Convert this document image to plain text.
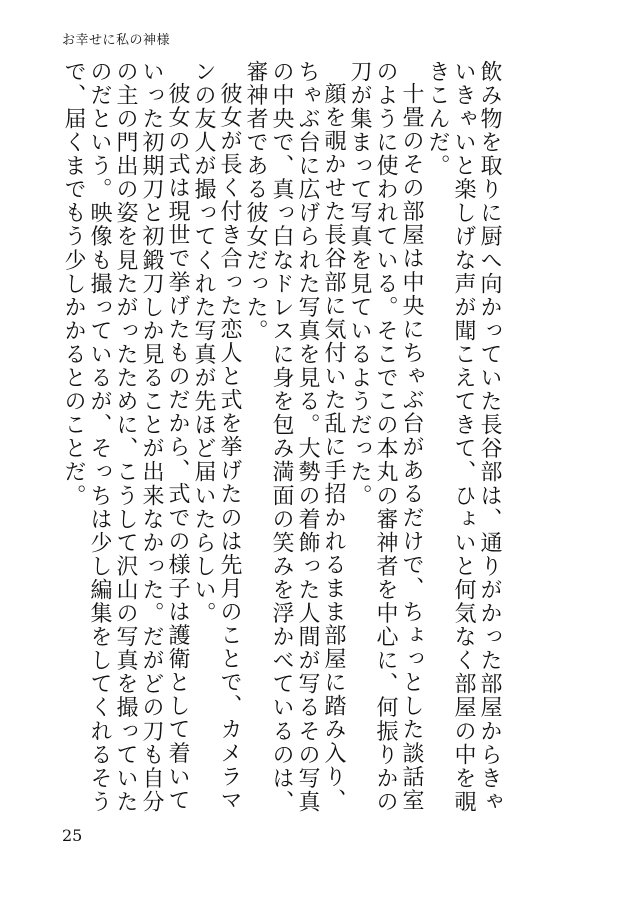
お幸せに私の神様

飲み物を取りに厨へ向かっていた長谷部は、通りがかった部屋からきゃいきゃいと楽しげな声が聞こえてきて、ひょいと何気なく部屋の中を覗きこんだ。

十畳のその部屋は中央にちゃぶ台があるだけで、ちょっとした談話室のように使われている。そこでこの本丸の審神者を中心に、何振りかの刀が集まって写真を見ているようだった。

顔を覗かせた長谷部に気付いた乱に手招かれるまま部屋に踏み入り、ちゃぶ台に広げられた写真を見る。大勢の着飾った人間が写るその写真の中央で、真っ白なドレスに身を包み満面の笑みを浮かべているのは、審神者である彼女だった。

彼女が長く付き合った恋人と式を挙げたのは先月のことで、カメラマンの友人が撮ってくれた写真が先ほど届いたらしい。

彼女の式は現世で挙げたものだから、式での様子は護衛として着いていった初期刀と初鍛刀しか見ることが出来なかった。だがどの刀も自分の主の門出の姿を見たがったために、こうして沢山の写真を撮っていたのだという。映像も撮っているが、そっちは少し編集をしてくれるそうで、届くまでもう少しかかるとのことだ。

25
